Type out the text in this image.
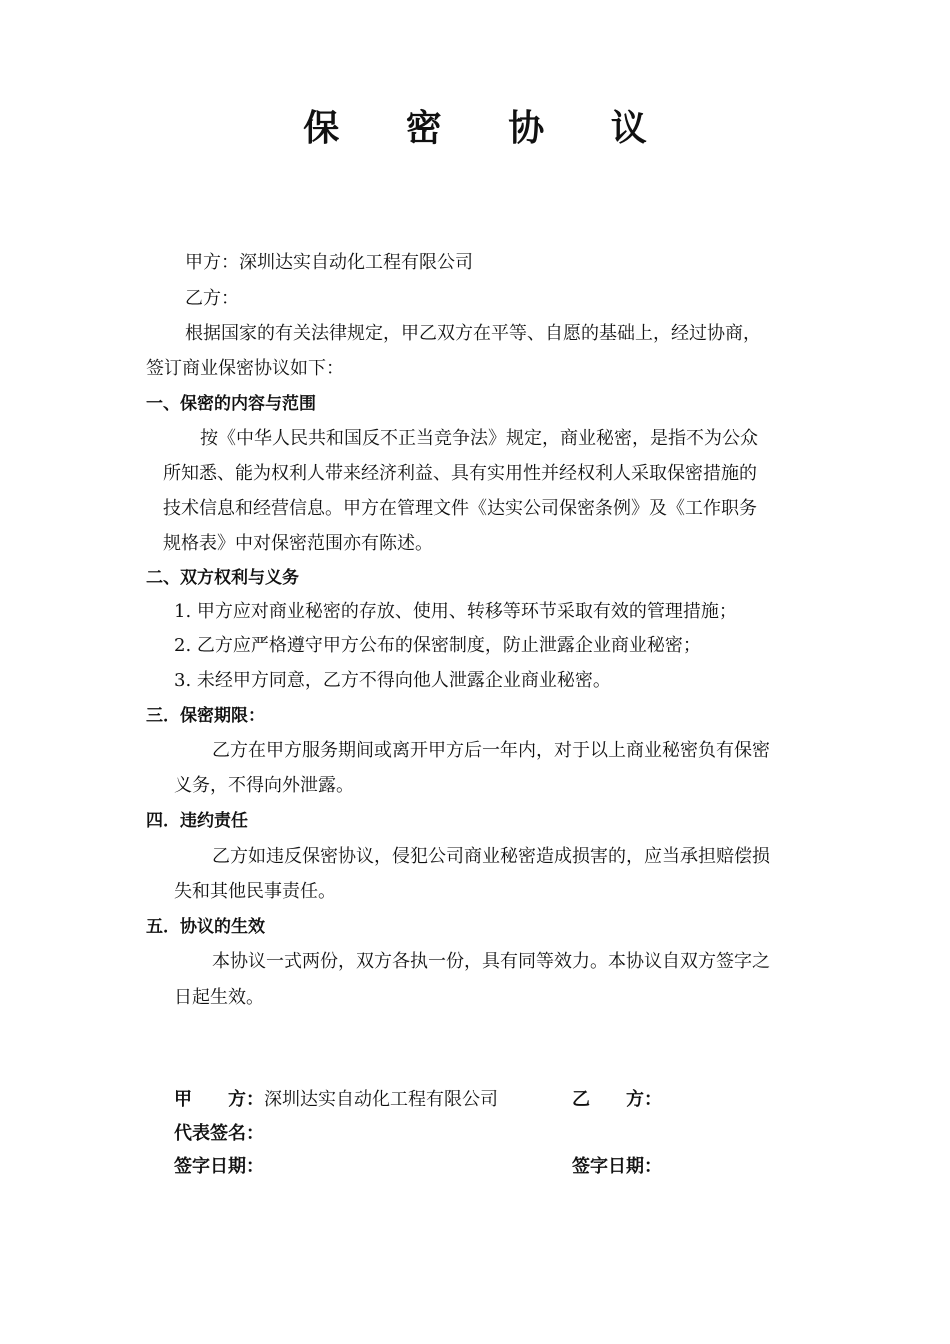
保 密 协 议
甲方：深圳达实自动化工程有限公司
乙方：
根据国家的有关法律规定，甲乙双方在平等、自愿的基础上，经过协商，
签订商业保密协议如下：
一、保密的内容与范围
按《中华人民共和国反不正当竞争法》规定，商业秘密，是指不为公众
所知悉、能为权利人带来经济利益、具有实用性并经权利人采取保密措施的
技术信息和经营信息。甲方在管理文件《达实公司保密条例》及《工作职务
规格表》中对保密范围亦有陈述。
二、双方权利与义务
1. 甲方应对商业秘密的存放、使用、转移等环节采取有效的管理措施；
2. 乙方应严格遵守甲方公布的保密制度，防止泄露企业商业秘密；
3. 未经甲方同意，乙方不得向他人泄露企业商业秘密。
三．保密期限：
乙方在甲方服务期间或离开甲方后一年内，对于以上商业秘密负有保密
义务，不得向外泄露。
四．违约责任
乙方如违反保密协议，侵犯公司商业秘密造成损害的，应当承担赔偿损
失和其他民事责任。
五．协议的生效
本协议一式两份，双方各执一份，具有同等效力。本协议自双方签字之
日起生效。
甲　　方：深圳达实自动化工程有限公司	乙　　方：
代表签名：
签字日期：	签字日期：
